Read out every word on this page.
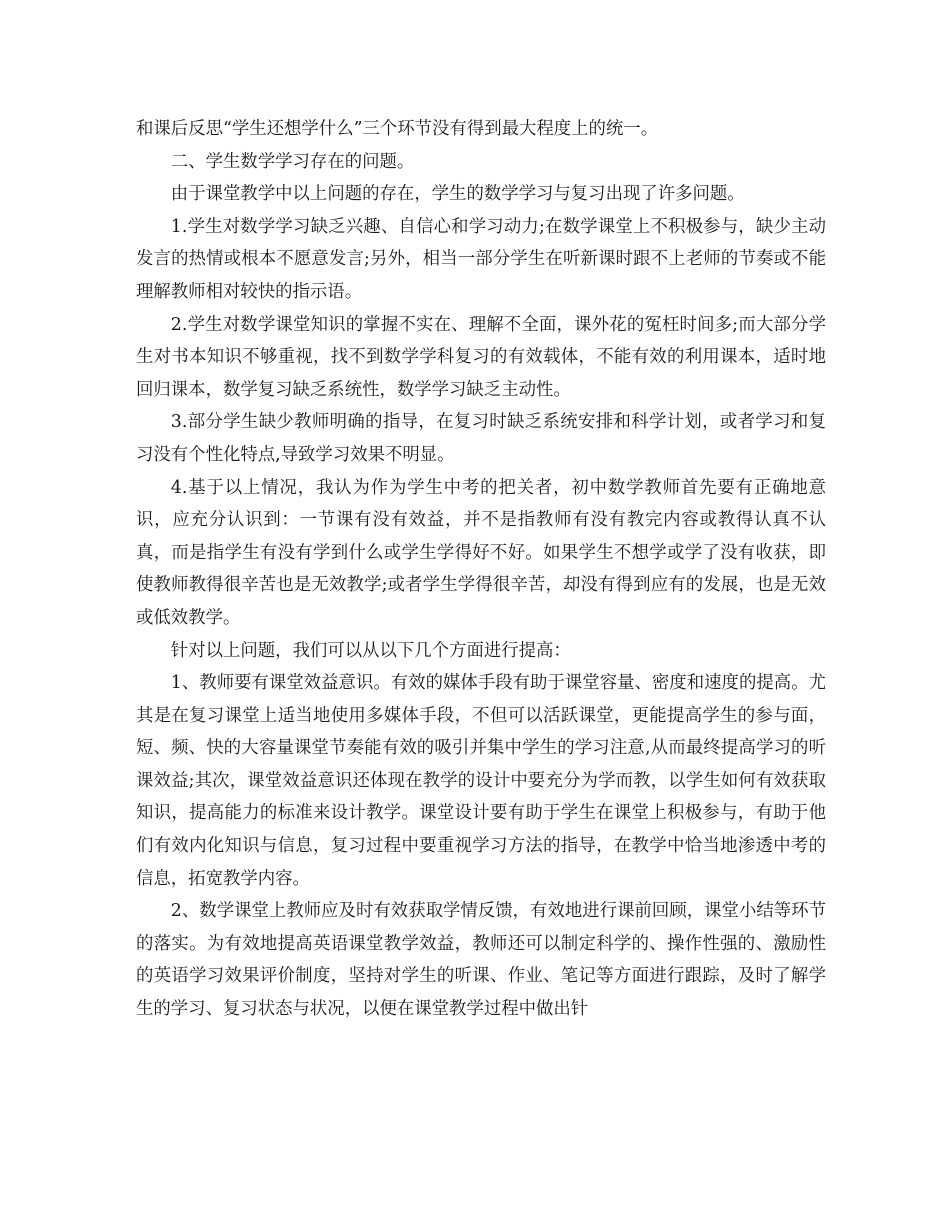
和课后反思“学生还想学什么”三个环节没有得到最大程度上的统一。

二、学生数学学习存在的问题。

由于课堂教学中以上问题的存在，学生的数学学习与复习出现了许多问题。

1.学生对数学学习缺乏兴趣、自信心和学习动力;在数学课堂上不积极参与，缺少主动发言的热情或根本不愿意发言;另外，相当一部分学生在听新课时跟不上老师的节奏或不能理解教师相对较快的指示语。

2.学生对数学课堂知识的掌握不实在、理解不全面，课外花的冤枉时间多;而大部分学生对书本知识不够重视，找不到数学学科复习的有效载体，不能有效的利用课本，适时地回归课本，数学复习缺乏系统性，数学学习缺乏主动性。

3.部分学生缺少教师明确的指导，在复习时缺乏系统安排和科学计划，或者学习和复习没有个性化特点,导致学习效果不明显。

4.基于以上情况，我认为作为学生中考的把关者，初中数学教师首先要有正确地意识，应充分认识到：一节课有没有效益，并不是指教师有没有教完内容或教得认真不认真，而是指学生有没有学到什么或学生学得好不好。如果学生不想学或学了没有收获，即使教师教得很辛苦也是无效教学;或者学生学得很辛苦，却没有得到应有的发展，也是无效或低效教学。

针对以上问题，我们可以从以下几个方面进行提高：

1、教师要有课堂效益意识。有效的媒体手段有助于课堂容量、密度和速度的提高。尤其是在复习课堂上适当地使用多媒体手段，不但可以活跃课堂，更能提高学生的参与面，短、频、快的大容量课堂节奏能有效的吸引并集中学生的学习注意,从而最终提高学习的听课效益;其次，课堂效益意识还体现在教学的设计中要充分为学而教，以学生如何有效获取知识，提高能力的标准来设计教学。课堂设计要有助于学生在课堂上积极参与，有助于他们有效内化知识与信息，复习过程中要重视学习方法的指导，在教学中恰当地渗透中考的信息，拓宽教学内容。

2、数学课堂上教师应及时有效获取学情反馈，有效地进行课前回顾，课堂小结等环节的落实。为有效地提高英语课堂教学效益，教师还可以制定科学的、操作性强的、激励性的英语学习效果评价制度，坚持对学生的听课、作业、笔记等方面进行跟踪，及时了解学生的学习、复习状态与状况，以便在课堂教学过程中做出针
